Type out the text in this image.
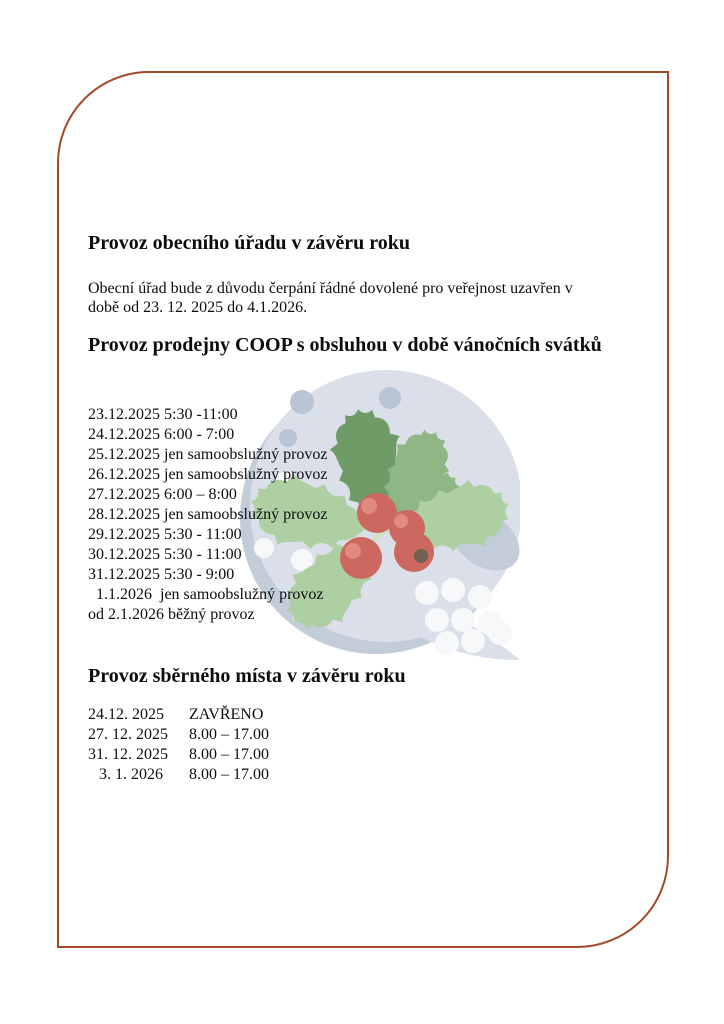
Provoz obecního úřadu v závěru roku

Obecní úřad bude z důvodu čerpání řádné dovolené pro veřejnost uzavřen v době od 23. 12. 2025 do 4.1.2026.

Provoz prodejny COOP s obsluhou v době vánočních svátků
23.12.2025 5:30 -11:00
24.12.2025 6:00 - 7:00
25.12.2025 jen samoobslužný provoz
26.12.2025 jen samoobslužný provoz
27.12.2025 6:00 – 8:00
28.12.2025 jen samoobslužný provoz
29.12.2025 5:30 - 11:00
30.12.2025 5:30 - 11:00
31.12.2025 5:30 - 9:00
1.1.2026  jen samoobslužný provoz
od 2.1.2026 běžný provoz
Provoz sběrného místa v závěru roku
24.12. 2025 ZAVŘENO
27. 12. 2025 8.00 – 17.00
31. 12. 2025 8.00 – 17.00
3. 1. 2026 8.00 – 17.00
